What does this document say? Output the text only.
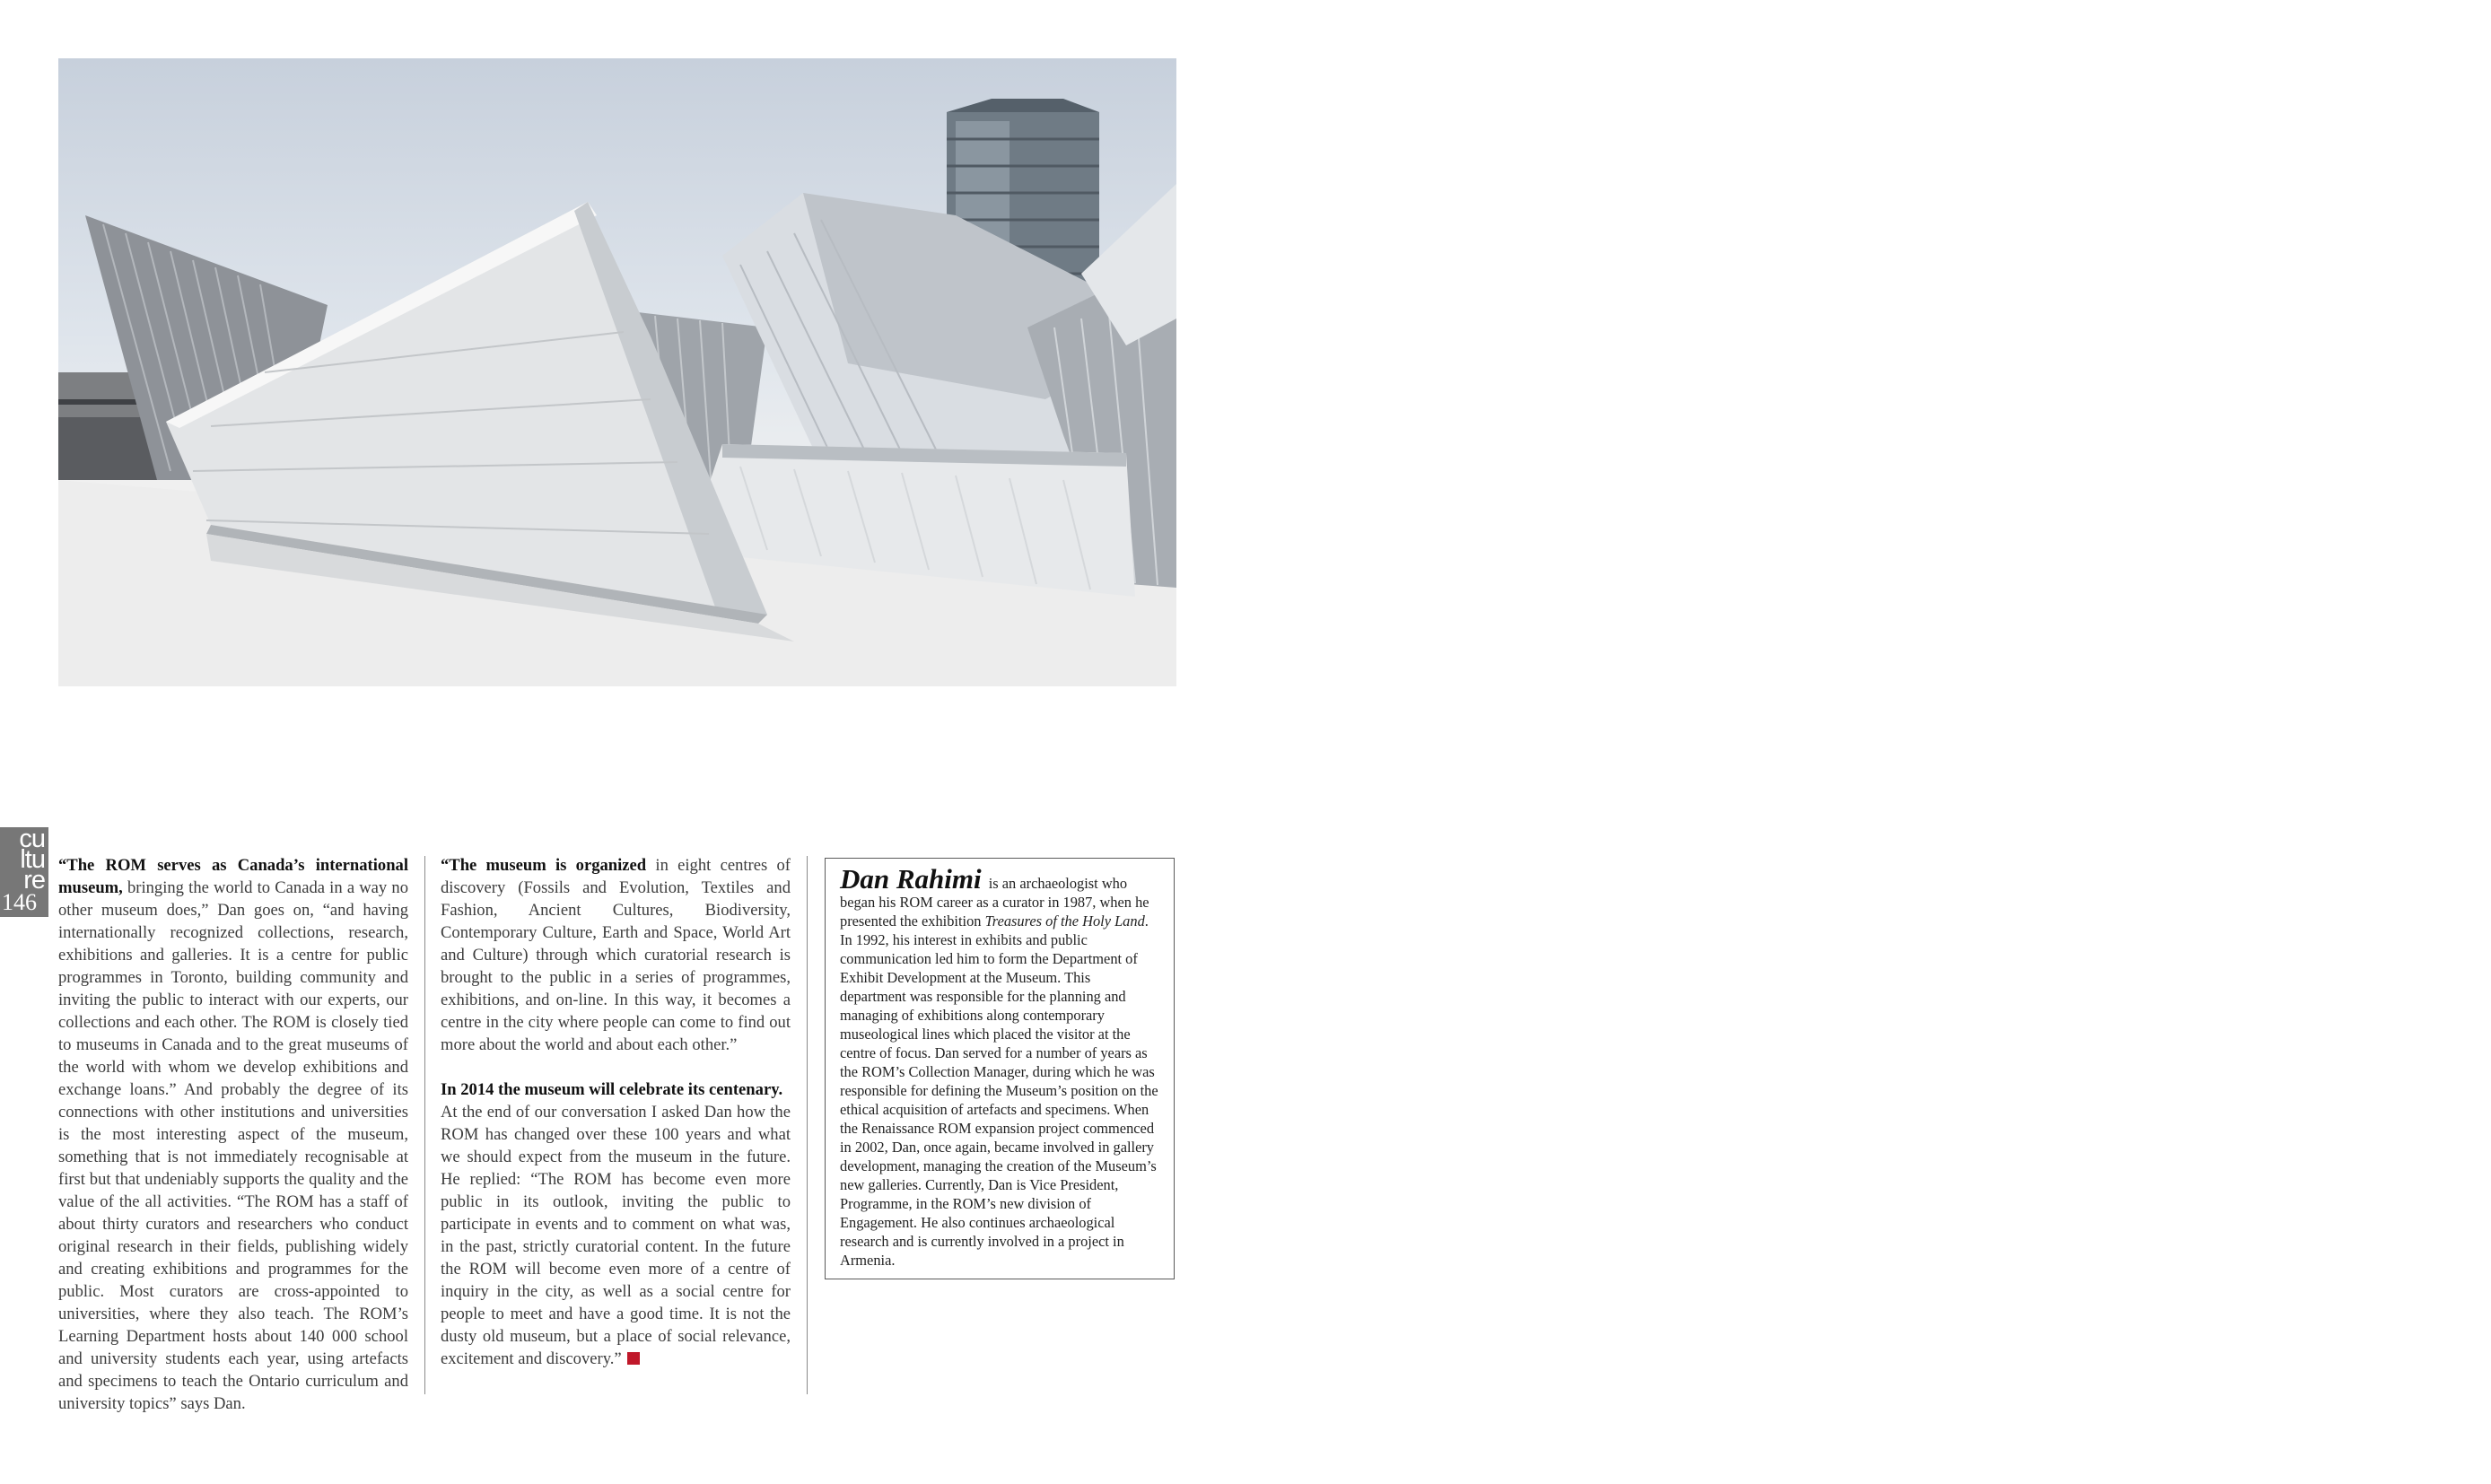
cu
ltu
re
146

“The ROM serves as Canada’s international museum, bringing the world to Canada in a way no other museum does,” Dan goes on, “and having internationally recognized collections, research, exhibitions and galleries. It is a centre for public programmes in Toronto, building community and inviting the public to interact with our experts, our collections and each other. The ROM is closely tied to museums in Canada and to the great museums of the world with whom we develop exhibitions and exchange loans.” And probably the degree of its connections with other institutions and universities is the most interesting aspect of the museum, something that is not immediately recognisable at first but that undeniably supports the quality and the value of the all activities. “The ROM has a staff of about thirty curators and researchers who conduct original research in their fields, publishing widely and creating exhibitions and programmes for the public. Most curators are cross-appointed to universities, where they also teach. The ROM’s Learning Department hosts about 140 000 school and university students each year, using artefacts and specimens to teach the Ontario curriculum and university topics” says Dan.

“The museum is organized in eight centres of discovery (Fossils and Evolution, Textiles and Fashion, Ancient Cultures, Biodiversity, Contemporary Culture, Earth and Space, World Art and Culture) through which curatorial research is brought to the public in a series of programmes, exhibitions, and on-line. In this way, it becomes a centre in the city where people can come to find out more about the world and about each other.”

In 2014 the museum will celebrate its centenary.
At the end of our conversation I asked Dan how the ROM has changed over these 100 years and what we should expect from the museum in the future. He replied: “The ROM has become even more public in its outlook, inviting the public to participate in events and to comment on what was, in the past, strictly curatorial content. In the future the ROM will become even more of a centre of inquiry in the city, as well as a social centre for people to meet and have a good time. It is not the dusty old museum, but a place of social relevance, excitement and discovery.”

Dan Rahimi is an archaeologist who began his ROM career as a curator in 1987, when he presented the exhibition Treasures of the Holy Land. In 1992, his interest in exhibits and public communication led him to form the Department of Exhibit Development at the Museum. This department was responsible for the planning and managing of exhibitions along contemporary museological lines which placed the visitor at the centre of focus. Dan served for a number of years as the ROM’s Collection Manager, during which he was responsible for defining the Museum’s position on the ethical acquisition of artefacts and specimens. When the Renaissance ROM expansion project commenced in 2002, Dan, once again, became involved in gallery development, managing the creation of the Museum’s new galleries. Currently, Dan is Vice President, Programme, in the ROM’s new division of Engagement. He also continues archaeological research and is currently involved in a project in Armenia.
